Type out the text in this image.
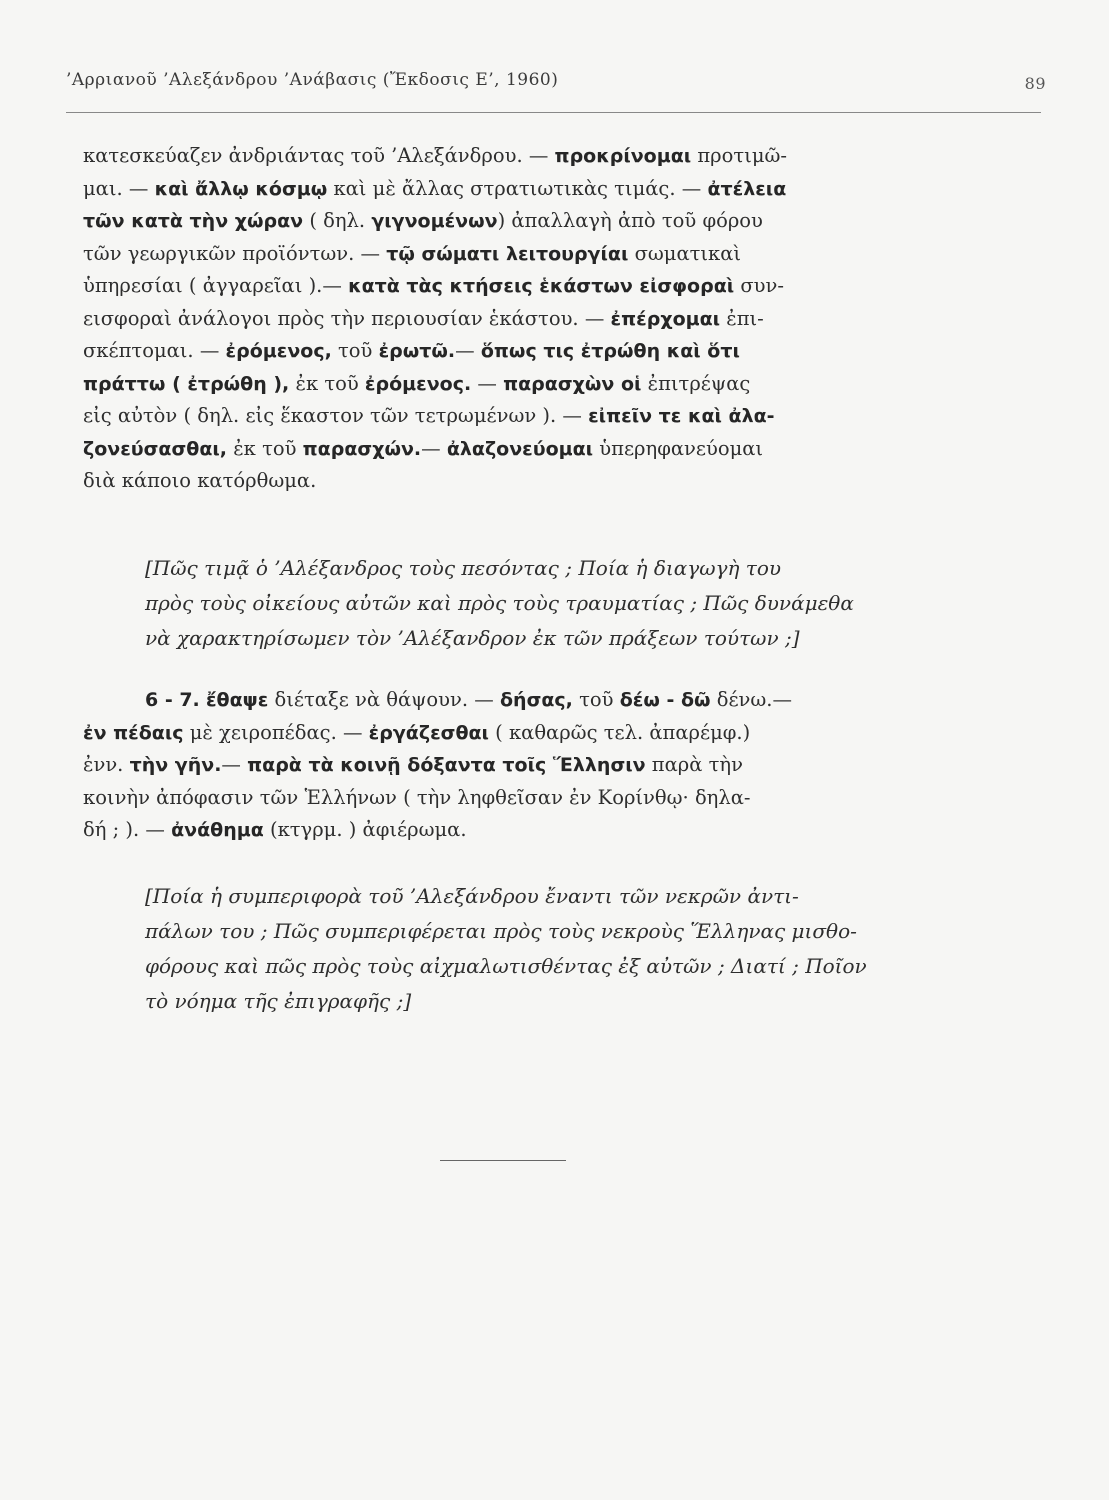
’Αρριανοῦ ’Αλεξάνδρου ’Ανάβασις (Ἔκδοσις Ε’, 1960)	89
κατεσκεύαζεν ἀνδριάντας τοῦ ’Αλεξάνδρου. — προκρίνομαι προτιμῶ-
μαι. — καὶ ἄλλῳ κόσμῳ καὶ μὲ ἄλλας στρατιωτικὰς τιμάς. — ἀτέλεια
τῶν κατὰ τὴν χώραν ( δηλ. γιγνομένων) ἀπαλλαγὴ ἀπὸ τοῦ φόρου
τῶν γεωργικῶν προϊόντων. — τῷ σώματι λειτουργίαι σωματικαὶ
ὑπηρεσίαι ( ἀγγαρεῖαι ).— κατὰ τὰς κτήσεις ἑκάστων εἰσφοραὶ συν-
εισφοραὶ ἀνάλογοι πρὸς τὴν περιουσίαν ἑκάστου. — ἐπέρχομαι ἐπι-
σκέπτομαι. — ἐρόμενος, τοῦ ἐρωτῶ.— ὅπως τις ἐτρώθη καὶ ὅτι
πράττω ( ἐτρώθη ), ἐκ τοῦ ἐρόμενος. — παρασχὼν οἱ ἐπιτρέψας
εἰς αὐτὸν ( δηλ. εἰς ἕκαστον τῶν τετρωμένων ). — εἰπεῖν τε καὶ ἀλα-
ζονεύσασθαι, ἐκ τοῦ παρασχών.— ἀλαζονεύομαι ὑπερηφανεύομαι
διὰ κάποιο κατόρθωμα.
[Πῶς τιμᾷ ὁ ’Αλέξανδρος τοὺς πεσόντας ; Ποία ἡ διαγωγὴ του
πρὸς τοὺς οἰκείους αὐτῶν καὶ πρὸς τοὺς τραυματίας ; Πῶς δυνάμεθα
νὰ χαρακτηρίσωμεν τὸν ’Αλέξανδρον ἐκ τῶν πράξεων τούτων ;]
6 - 7. ἔθαψε διέταξε νὰ θάψουν. — δήσας, τοῦ δέω - δῶ δένω.—
ἐν πέδαις μὲ χειροπέδας. — ἐργάζεσθαι ( καθαρῶς τελ. ἀπαρέμφ.)
ἐνν. τὴν γῆν.— παρὰ τὰ κοινῇ δόξαντα τοῖς Ἕλλησιν παρὰ τὴν
κοινὴν ἀπόφασιν τῶν Ἑλλήνων ( τὴν ληφθεῖσαν ἐν Κορίνθῳ· δηλα-
δή ; ). — ἀνάθημα (κτγρμ. ) ἀφιέρωμα.
[Ποία ἡ συμπεριφορὰ τοῦ ’Αλεξάνδρου ἔναντι τῶν νεκρῶν ἀντι-
πάλων του ; Πῶς συμπεριφέρεται πρὸς τοὺς νεκροὺς Ἕλληνας μισθο-
φόρους καὶ πῶς πρὸς τοὺς αἰχμαλωτισθέντας ἐξ αὐτῶν ; Διατί ; Ποῖον
τὸ νόημα τῆς ἐπιγραφῆς ;]
